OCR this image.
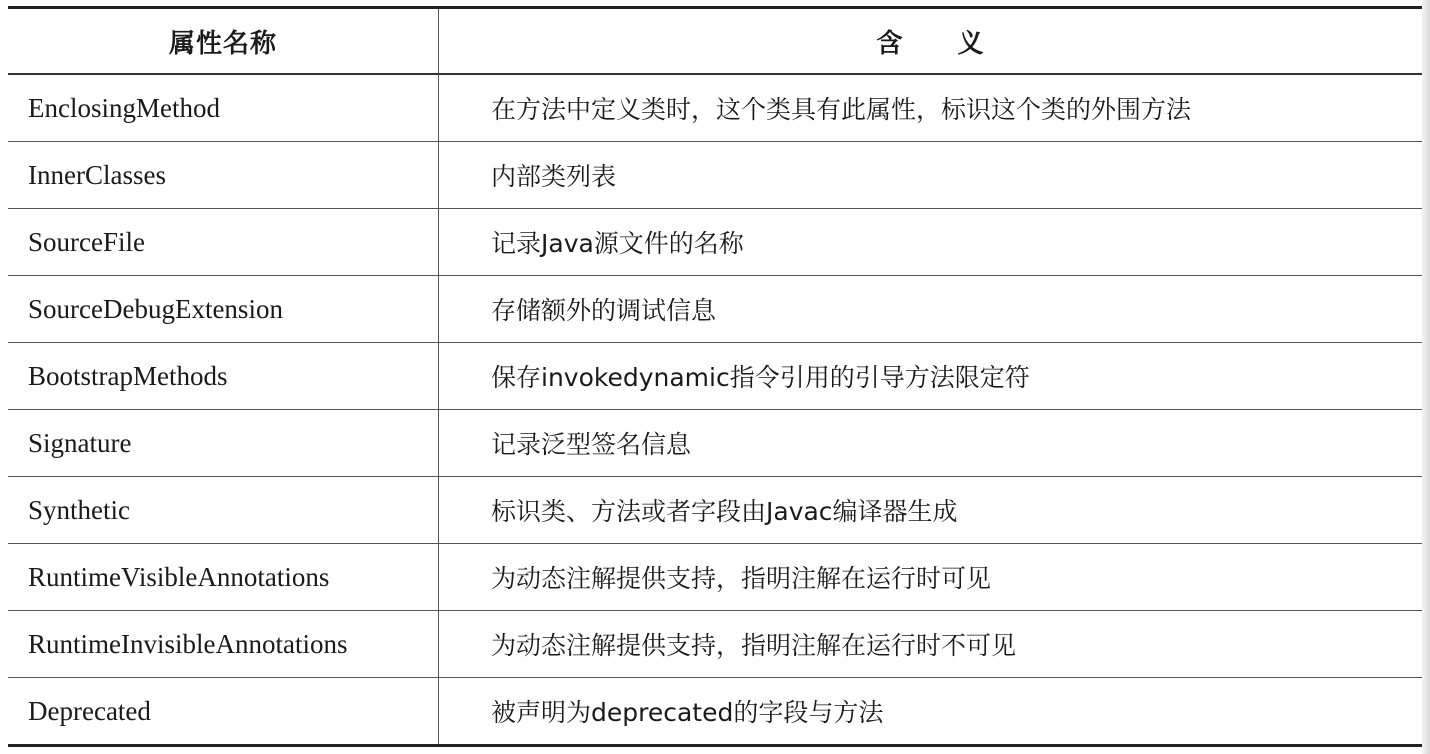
属性名称	含　　义
EnclosingMethod	在方法中定义类时，这个类具有此属性，标识这个类的外围方法
InnerClasses	内部类列表
SourceFile	记录Java源文件的名称
SourceDebugExtension	存储额外的调试信息
BootstrapMethods	保存invokedynamic指令引用的引导方法限定符
Signature	记录泛型签名信息
Synthetic	标识类、方法或者字段由Javac编译器生成
RuntimeVisibleAnnotations	为动态注解提供支持，指明注解在运行时可见
RuntimeInvisibleAnnotations	为动态注解提供支持，指明注解在运行时不可见
Deprecated	被声明为deprecated的字段与方法
